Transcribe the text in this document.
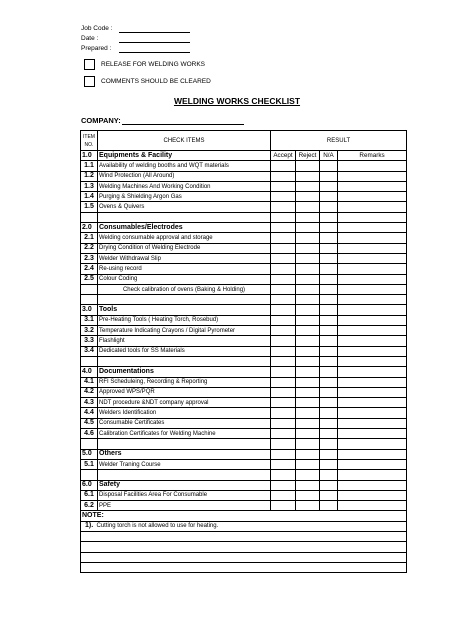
Job Code :
Date :
Prepared :
RELEASE FOR WELDING WORKS
COMMENTS SHOULD BE CLEARED
WELDING WORKS CHECKLIST
COMPANY:
ITEM NO.	CHECK ITEMS	RESULT			

1.0	Equipments & Facility	Accept	Reject	N/A	Remarks
1.1	Availability of welding booths and WQT materials				
1.2	Wind Protection (All Around)				
1.3	Welding Machines And Working Condition				
1.4	Purging & Shielding Argon Gas				
1.5	Ovens & Quivers				

2.0	Consumables/Electrodes				
2.1	Welding consumable approval and storage				
2.2	Drying Condition of Welding Electrode				
2.3	Welder Withdrawal Slip				
2.4	Re-using record				
2.5	Colour Coding				
	Check calibration of ovens (Baking & Holding)				

3.0	Tools				
3.1	Pre-Heating Tools ( Heating Torch, Rosebud)				
3.2	Temperature Indicating Crayons / Digital Pyrometer				
3.3	Flashlight				
3.4	Dedicated tools for SS Materials				

4.0	Documentations				
4.1	RFI Scheduleing, Recording & Reporting				
4.2	Approved WPS/PQR				
4.3	NDT procedure &NDT company approval				
4.4	Welders Identification				
4.5	Consumable Certificates				
4.6	Calibration Certificates for Welding Machine				

5.0	Others				
5.1	Welder Traning Course				

6.0	Safety				
6.1	Disposal Facilities Area For Consumable				
6.2	PPE				
NOTE:					
1). Cutting torch is not allowed to use for heating.					
